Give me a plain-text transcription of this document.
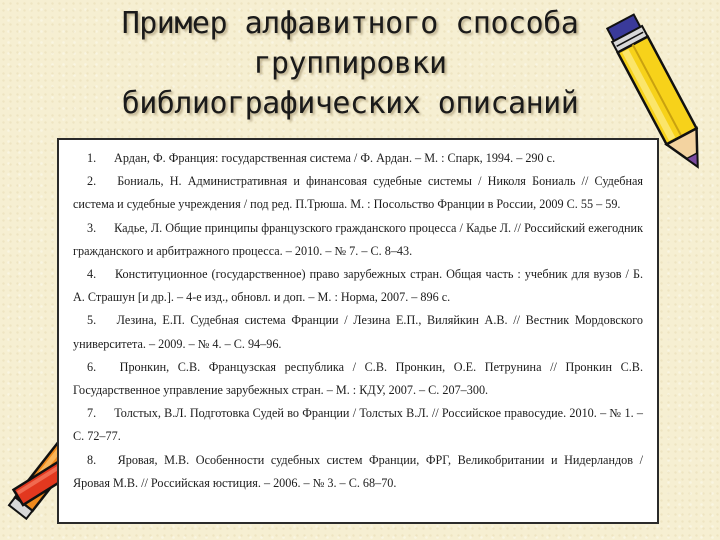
Пример алфавитного способа
группировки
библиографических описаний
1. Ардан, Ф. Франция: государственная система / Ф. Ардан. – М. : Спарк, 1994. – 290 с.
2. Бониаль, Н. Административная и финансовая судебные системы / Николя Бониаль // Судебная система и судебные учреждения / под ред. П.Трюша. М. : Посольство Франции в России, 2009 С. 55 – 59.
3. Кадье, Л. Общие принципы французского гражданского процесса / Кадье Л. // Российский ежегодник гражданского и арбитражного процесса. – 2010. – № 7. – С. 8–43.
4. Конституционное (государственное) право зарубежных стран. Общая часть : учебник для вузов / Б. А. Страшун [и др.]. – 4-е изд., обновл. и доп. – М. : Норма, 2007. – 896 с.
5. Лезина, Е.П. Судебная система Франции / Лезина Е.П., Виляйкин А.В. // Вестник Мордовского университета. – 2009. – № 4. – С. 94–96.
6. Пронкин, С.В. Французская республика / С.В. Пронкин, О.Е. Петрунина // Пронкин С.В. Государственное управление зарубежных стран. – М. : КДУ, 2007. – С. 207–300.
7. Толстых, В.Л. Подготовка Судей во Франции / Толстых В.Л. // Российское правосудие. 2010. – № 1. – С. 72–77.
8. Яровая, М.В. Особенности судебных систем Франции, ФРГ, Великобритании и Нидерландов / Яровая М.В. // Российская юстиция. – 2006. – № 3. – С. 68–70.
